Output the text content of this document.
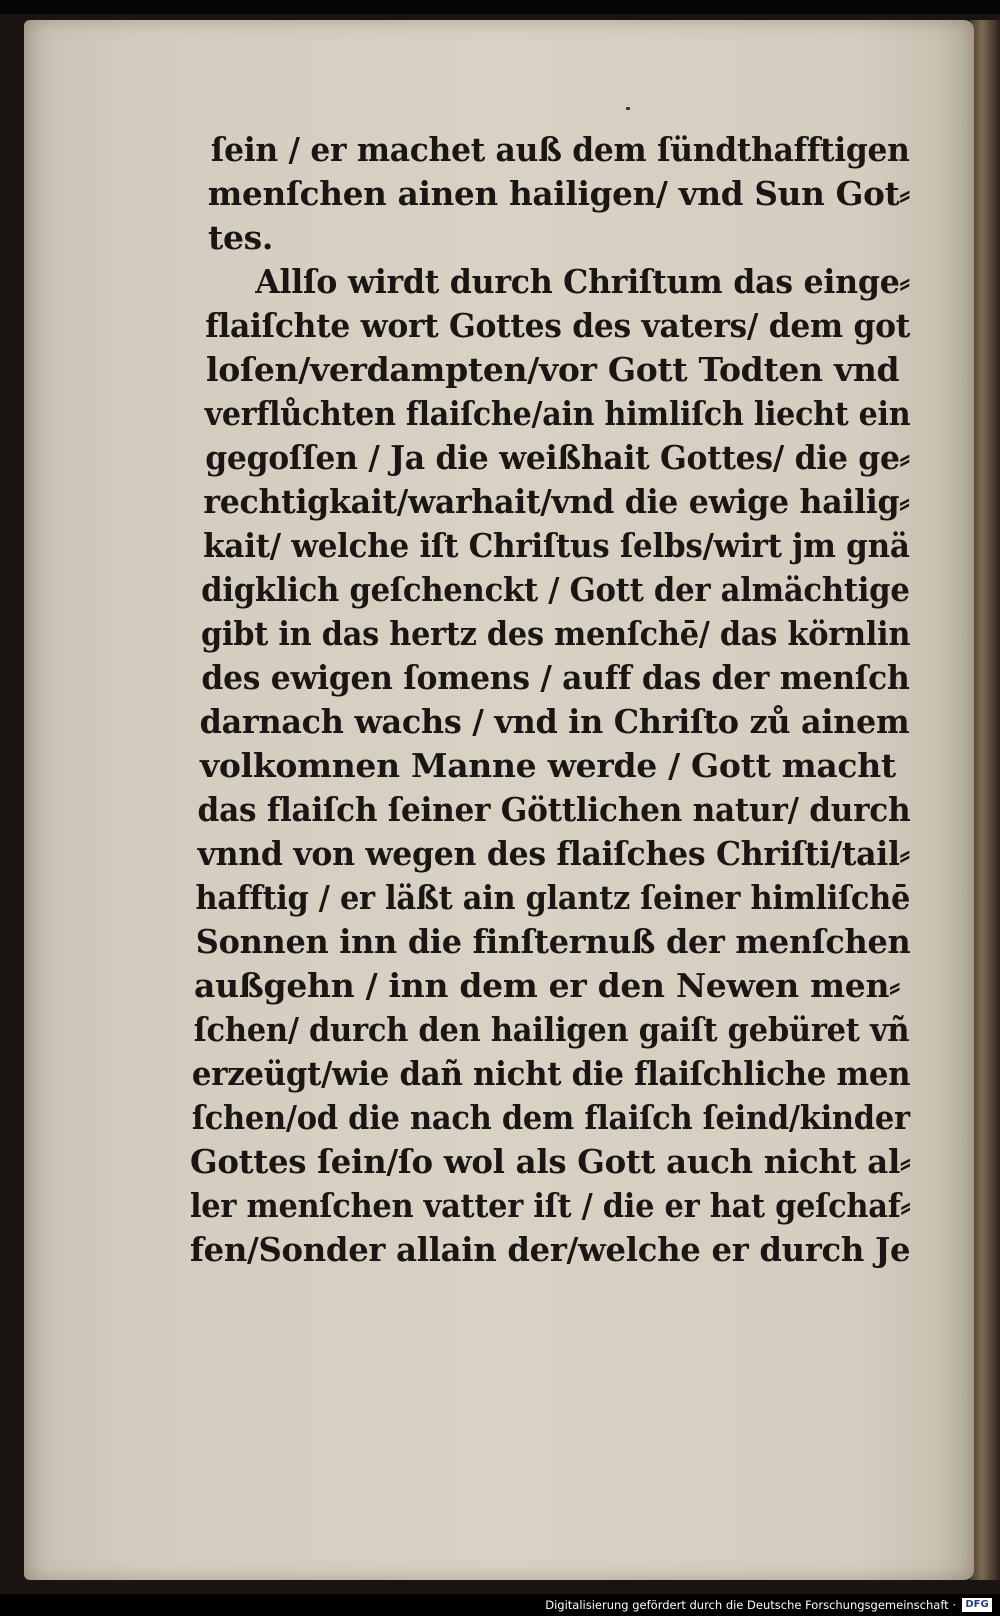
ſein / er machet auß dem ſündthafftigen
menſchen ainen hailigen/ vnd Sun Got⸗
tes.
Allſo wirdt durch Chriſtum das einge⸗
flaiſchte wort Gottes des vaters/ dem got
loſen/verdampten/vor Gott Todten vnd
verflůchten flaiſche/ain himliſch liecht ein
gegoſſen / Ja die weißhait Gottes/ die ge⸗
rechtigkait/warhait/vnd die ewige hailig⸗
kait/ welche iſt Chriſtus ſelbs/wirt jm gnä
digklich geſchenckt / Gott der almächtige
gibt in das hertz des menſchē/ das körnlin
des ewigen ſomens / auff das der menſch
darnach wachs / vnd in Chriſto zů ainem
volkomnen Manne werde / Gott macht
das flaiſch ſeiner Göttlichen natur/ durch
vnnd von wegen des flaiſches Chriſti/tail⸗
hafftig / er läßt ain glantz ſeiner himliſchē
Sonnen inn die finſternuß der menſchen
außgehn / inn dem er den Newen men⸗
ſchen/ durch den hailigen gaiſt gebüret vñ
erzeügt/wie dañ nicht die flaiſchliche men
ſchen/od die nach dem flaiſch ſeind/kinder
Gottes ſein/ſo wol als Gott auch nicht al⸗
ler menſchen vatter iſt / die er hat geſchaf⸗
fen/Sonder allain der/welche er durch Je
Digitalisierung gefördert durch die Deutsche Forschungsgemeinschaft · DFG
